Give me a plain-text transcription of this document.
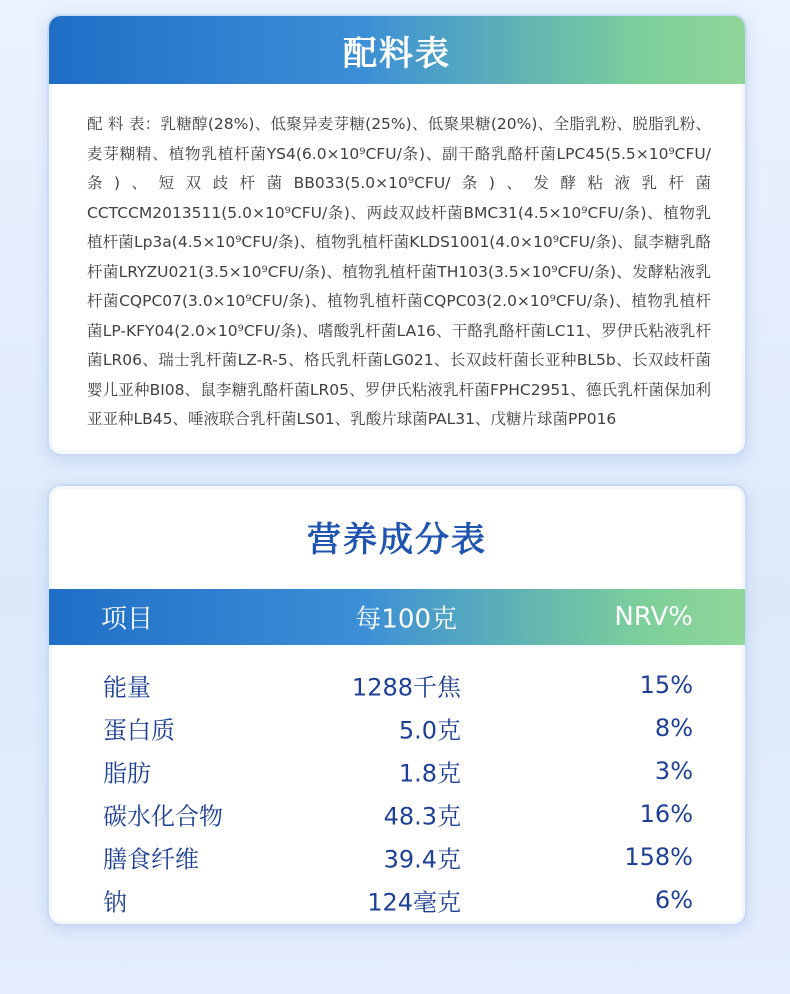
配料表
配 料 表：乳糖醇(28%)、低聚异麦芽糖(25%)、低聚果糖(20%)、全脂乳粉、脱脂乳粉、麦芽糊精、植物乳植杆菌YS4(6.0×10⁹CFU/条)、副干酪乳酪杆菌LPC45(5.5×10⁹CFU/条)、短双歧杆菌BB033(5.0×10⁹CFU/条)、发酵粘液乳杆菌CCTCCM2013511(5.0×10⁹CFU/条)、两歧双歧杆菌BMC31(4.5×10⁹CFU/条)、植物乳植杆菌Lp3a(4.5×10⁹CFU/条)、植物乳植杆菌KLDS1001(4.0×10⁹CFU/条)、鼠李糖乳酪杆菌LRYZU021(3.5×10⁹CFU/条)、植物乳植杆菌TH103(3.5×10⁹CFU/条)、发酵粘液乳杆菌CQPC07(3.0×10⁹CFU/条)、植物乳植杆菌CQPC03(2.0×10⁹CFU/条)、植物乳植杆菌LP-KFY04(2.0×10⁹CFU/条)、嗜酸乳杆菌LA16、干酪乳酪杆菌LC11、罗伊氏粘液乳杆菌LR06、瑞士乳杆菌LZ-R-5、格氏乳杆菌LG021、长双歧杆菌长亚种BL5b、长双歧杆菌婴儿亚种BI08、鼠李糖乳酪杆菌LR05、罗伊氏粘液乳杆菌FPHC2951、德氏乳杆菌保加利亚亚种LB45、唾液联合乳杆菌LS01、乳酸片球菌PAL31、戊糖片球菌PP016
营养成分表
项目	每100克	NRV%
能量	1288千焦	15%
蛋白质	5.0克	8%
脂肪	1.8克	3%
碳水化合物	48.3克	16%
膳食纤维	39.4克	158%
钠	124毫克	6%
